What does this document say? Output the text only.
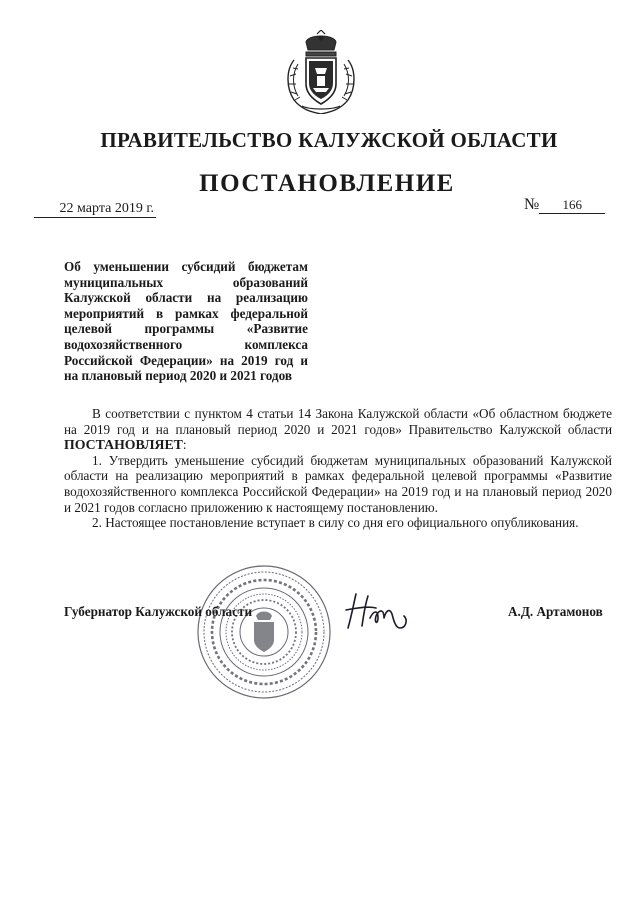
ПРАВИТЕЛЬСТВО КАЛУЖСКОЙ ОБЛАСТИ
ПОСТАНОВЛЕНИЕ
22 марта 2019 г.	№ 166
Об уменьшении субсидий бюджетам
муниципальных образований
Калужской области на реализацию
мероприятий в рамках федеральной
целевой программы «Развитие
водохозяйственного комплекса
Российской Федерации» на 2019 год и
на плановый период 2020 и 2021 годов

В соответствии с пунктом 4 статьи 14 Закона Калужской области «Об областном бюджете на 2019 год и на плановый период 2020 и 2021 годов» Правительство Калужской области ПОСТАНОВЛЯЕТ:

1. Утвердить уменьшение субсидий бюджетам муниципальных образований Калужской области на реализацию мероприятий в рамках федеральной целевой программы «Развитие водохозяйственного комплекса Российской Федерации» на 2019 год и на плановый период 2020 и 2021 годов согласно приложению к настоящему постановлению.

2. Настоящее постановление вступает в силу со дня его официального опубликования.

Губернатор Калужской области	А.Д. Артамонов
